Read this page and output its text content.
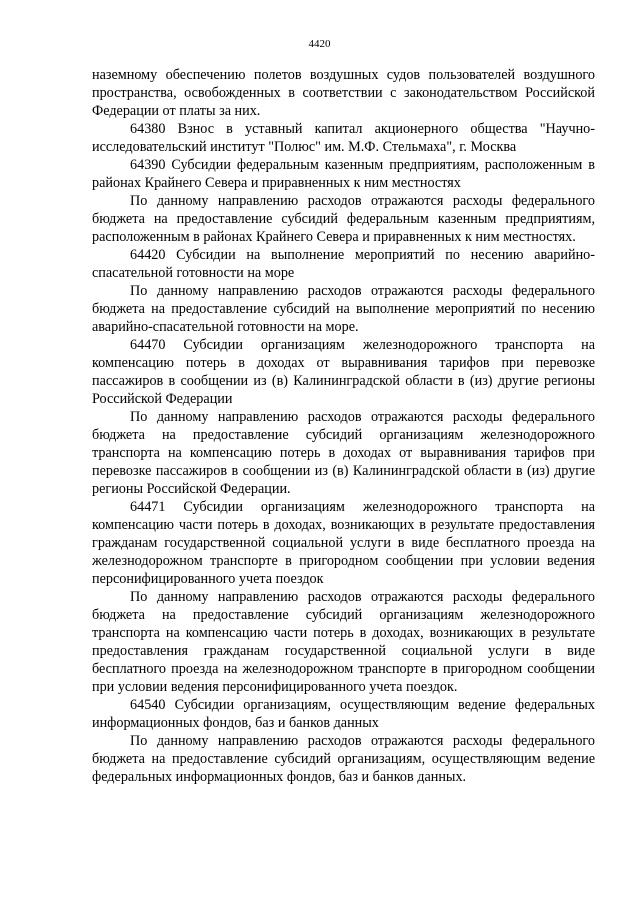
4420

наземному обеспечению полетов воздушных судов пользователей воздушного пространства, освобожденных в соответствии с законодательством Российской Федерации от платы за них.

64380 Взнос в уставный капитал акционерного общества "Научно-исследовательский институт "Полюс" им. М.Ф. Стельмаха", г. Москва

64390 Субсидии федеральным казенным предприятиям, расположенным в районах Крайнего Севера и приравненных к ним местностях

По данному направлению расходов отражаются расходы федерального бюджета на предоставление субсидий федеральным казенным предприятиям, расположенным в районах Крайнего Севера и приравненных к ним местностях.

64420 Субсидии на выполнение мероприятий по несению аварийно-спасательной готовности на море

По данному направлению расходов отражаются расходы федерального бюджета на предоставление субсидий на выполнение мероприятий по несению аварийно-спасательной готовности на море.

64470 Субсидии организациям железнодорожного транспорта на компенсацию потерь в доходах от выравнивания тарифов при перевозке пассажиров в сообщении из (в) Калининградской области в (из) другие регионы Российской Федерации

По данному направлению расходов отражаются расходы федерального бюджета на предоставление субсидий организациям железнодорожного транспорта на компенсацию потерь в доходах от выравнивания тарифов при перевозке пассажиров в сообщении из (в) Калининградской области в (из) другие регионы Российской Федерации.

64471 Субсидии организациям железнодорожного транспорта на компенсацию части потерь в доходах, возникающих в результате предоставления гражданам государственной социальной услуги в виде бесплатного проезда на железнодорожном транспорте в пригородном сообщении при условии ведения персонифицированного учета поездок

По данному направлению расходов отражаются расходы федерального бюджета на предоставление субсидий организациям железнодорожного транспорта на компенсацию части потерь в доходах, возникающих в результате предоставления гражданам государственной социальной услуги в виде бесплатного проезда на железнодорожном транспорте в пригородном сообщении при условии ведения персонифицированного учета поездок.

64540 Субсидии организациям, осуществляющим ведение федеральных информационных фондов, баз и банков данных

По данному направлению расходов отражаются расходы федерального бюджета на предоставление субсидий организациям, осуществляющим ведение федеральных информационных фондов, баз и банков данных.
